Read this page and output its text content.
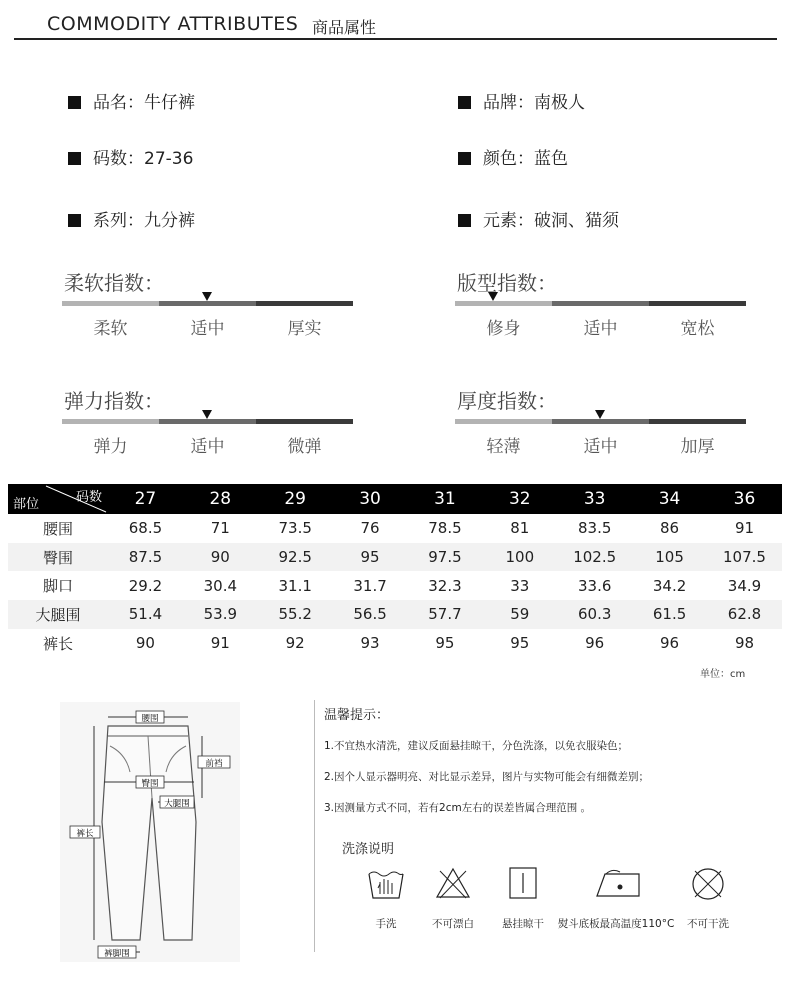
COMMODITY ATTRIBUTES 商品属性
品名：牛仔裤	品牌：南极人
码数：27-36	颜色：蓝色
系列：九分裤	元素：破洞、猫须
柔软指数：
柔软	适中	厚实
版型指数：
修身	适中	宽松
弹力指数：
弹力	适中	微弹
厚度指数：
轻薄	适中	加厚
部位 码数	27	28	29	30	31	32	33	34	36
腰围	68.5	71	73.5	76	78.5	81	83.5	86	91
臀围	87.5	90	92.5	95	97.5	100	102.5	105	107.5
脚口	29.2	30.4	31.1	31.7	32.3	33	33.6	34.2	34.9
大腿围	51.4	53.9	55.2	56.5	57.7	59	60.3	61.5	62.8
裤长	90	91	92	93	95	95	96	96	98
单位：cm
腰围
臀围
前裆
大腿围
裤长
裤脚围
温馨提示：
1.不宜热水清洗，建议反面悬挂晾干，分色洗涤，以免衣服染色；
2.因个人显示器明亮、对比显示差异，图片与实物可能会有细微差别；
3.因测量方式不同，若有2cm左右的误差皆属合理范围 。
洗涤说明
手洗	不可漂白	悬挂晾干	熨斗底板最高温度110°C	不可干洗
